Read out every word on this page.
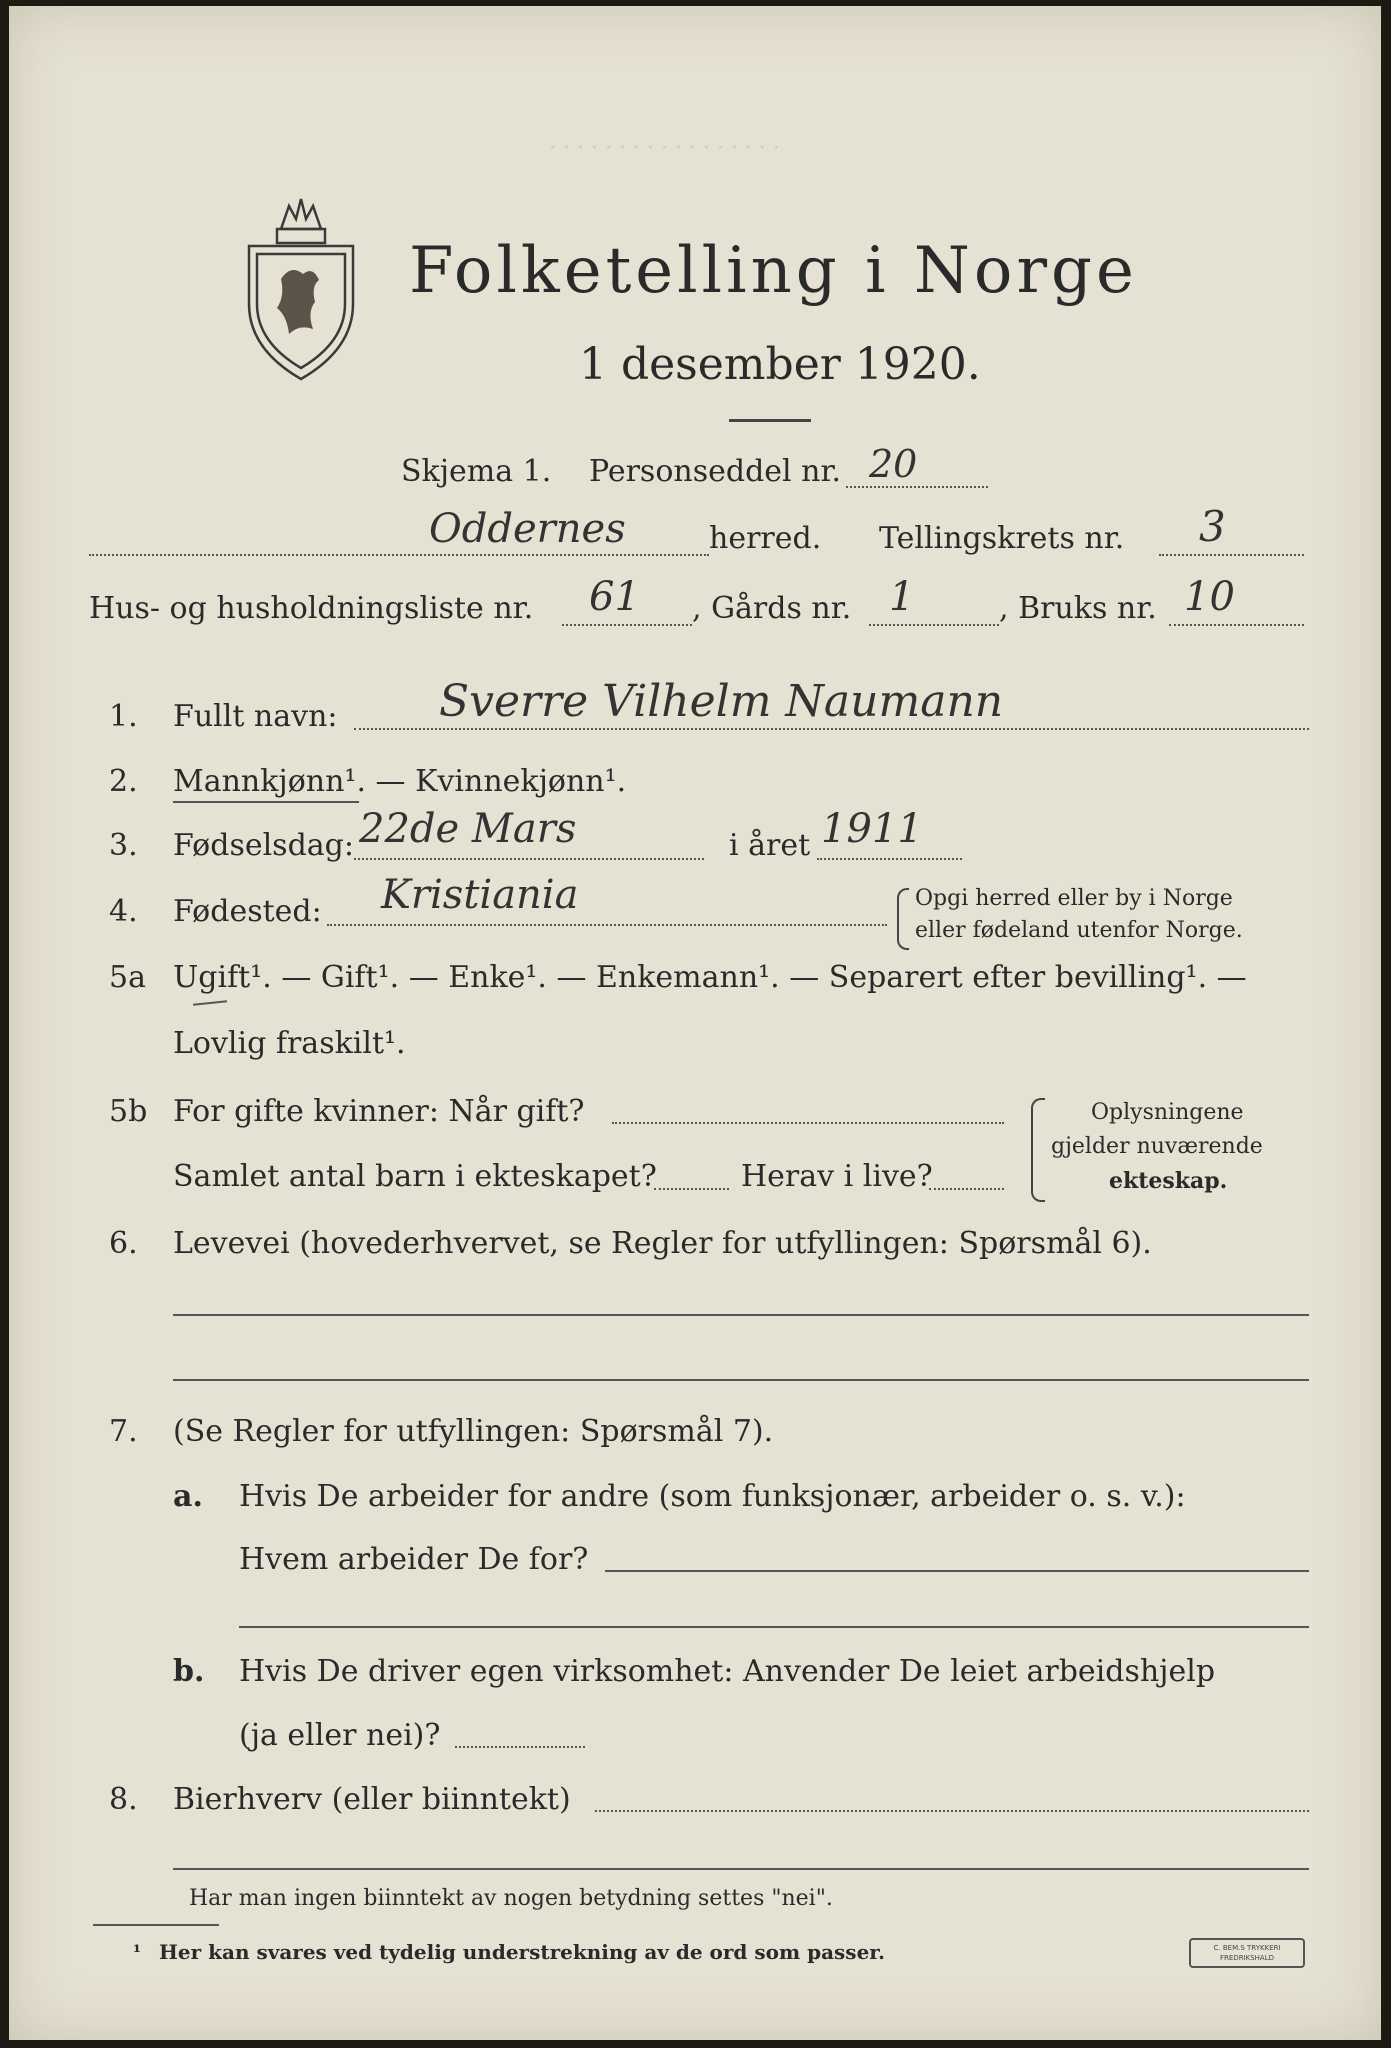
· · · · · · · · · · · · · · · · ·
Folketelling i Norge
1 desember 1920.
Skjema 1. Personseddel nr. 20
Oddernes	herred. Tellingskrets nr. 3
Hus- og husholdningsliste nr. 61 , Gårds nr. 1	, Bruks nr. 10
1. Fullt navn: Sverre Vilhelm Naumann
2. Mannkjønn¹. — Kvinnekjønn¹.
3. Fødselsdag: 22de Mars	i året 1911
4. Fødested: Kristiania	Opgi herred eller by i Norge
eller fødeland utenfor Norge.
5a Ugift¹. — Gift¹. — Enke¹. — Enkemann¹. — Separert efter bevilling¹. —
Lovlig fraskilt¹.
5b For gifte kvinner: Når gift?
Samlet antal barn i ekteskapet?	Herav i live?
Oplysningene
gjelder nuværende
ekteskap.
6. Levevei (hovederhvervet, se Regler for utfyllingen: Spørsmål 6).
7. (Se Regler for utfyllingen: Spørsmål 7).
a. Hvis De arbeider for andre (som funksjonær, arbeider o. s. v.):
Hvem arbeider De for?
b. Hvis De driver egen virksomhet: Anvender De leiet arbeidshjelp
(ja eller nei)?
8. Bierhverv (eller biinntekt)
Har man ingen biinntekt av nogen betydning settes "nei".
¹ Her kan svares ved tydelig understrekning av de ord som passer.	C. BEM.S TRYKKERI FREDRIKSHALD
